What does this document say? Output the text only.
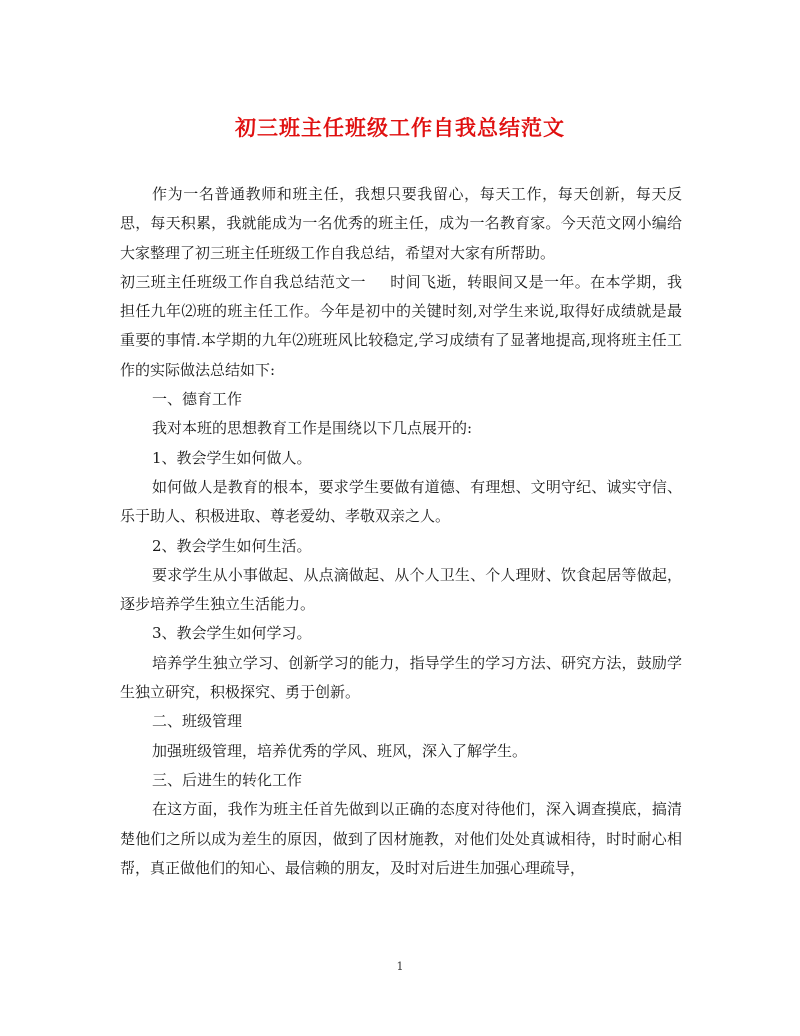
初三班主任班级工作自我总结范文

作为一名普通教师和班主任，我想只要我留心，每天工作，每天创新，每天反思，每天积累，我就能成为一名优秀的班主任，成为一名教育家。今天范文网小编给大家整理了初三班主任班级工作自我总结，希望对大家有所帮助。

初三班主任班级工作自我总结范文一 时间飞逝，转眼间又是一年。在本学期，我担任九年⑵班的班主任工作。今年是初中的关键时刻,对学生来说,取得好成绩就是最重要的事情.本学期的九年⑵班班风比较稳定,学习成绩有了显著地提高,现将班主任工作的实际做法总结如下:

一、德育工作

我对本班的思想教育工作是围绕以下几点展开的:

1、教会学生如何做人。

如何做人是教育的根本，要求学生要做有道德、有理想、文明守纪、诚实守信、乐于助人、积极进取、尊老爱幼、孝敬双亲之人。

2、教会学生如何生活。

要求学生从小事做起、从点滴做起、从个人卫生、个人理财、饮食起居等做起，逐步培养学生独立生活能力。

3、教会学生如何学习。

培养学生独立学习、创新学习的能力，指导学生的学习方法、研究方法，鼓励学生独立研究，积极探究、勇于创新。

二、班级管理

加强班级管理，培养优秀的学风、班风，深入了解学生。

三、后进生的转化工作

在这方面，我作为班主任首先做到以正确的态度对待他们，深入调查摸底，搞清楚他们之所以成为差生的原因，做到了因材施教，对他们处处真诚相待，时时耐心相帮，真正做他们的知心、最信赖的朋友，及时对后进生加强心理疏导，

1
